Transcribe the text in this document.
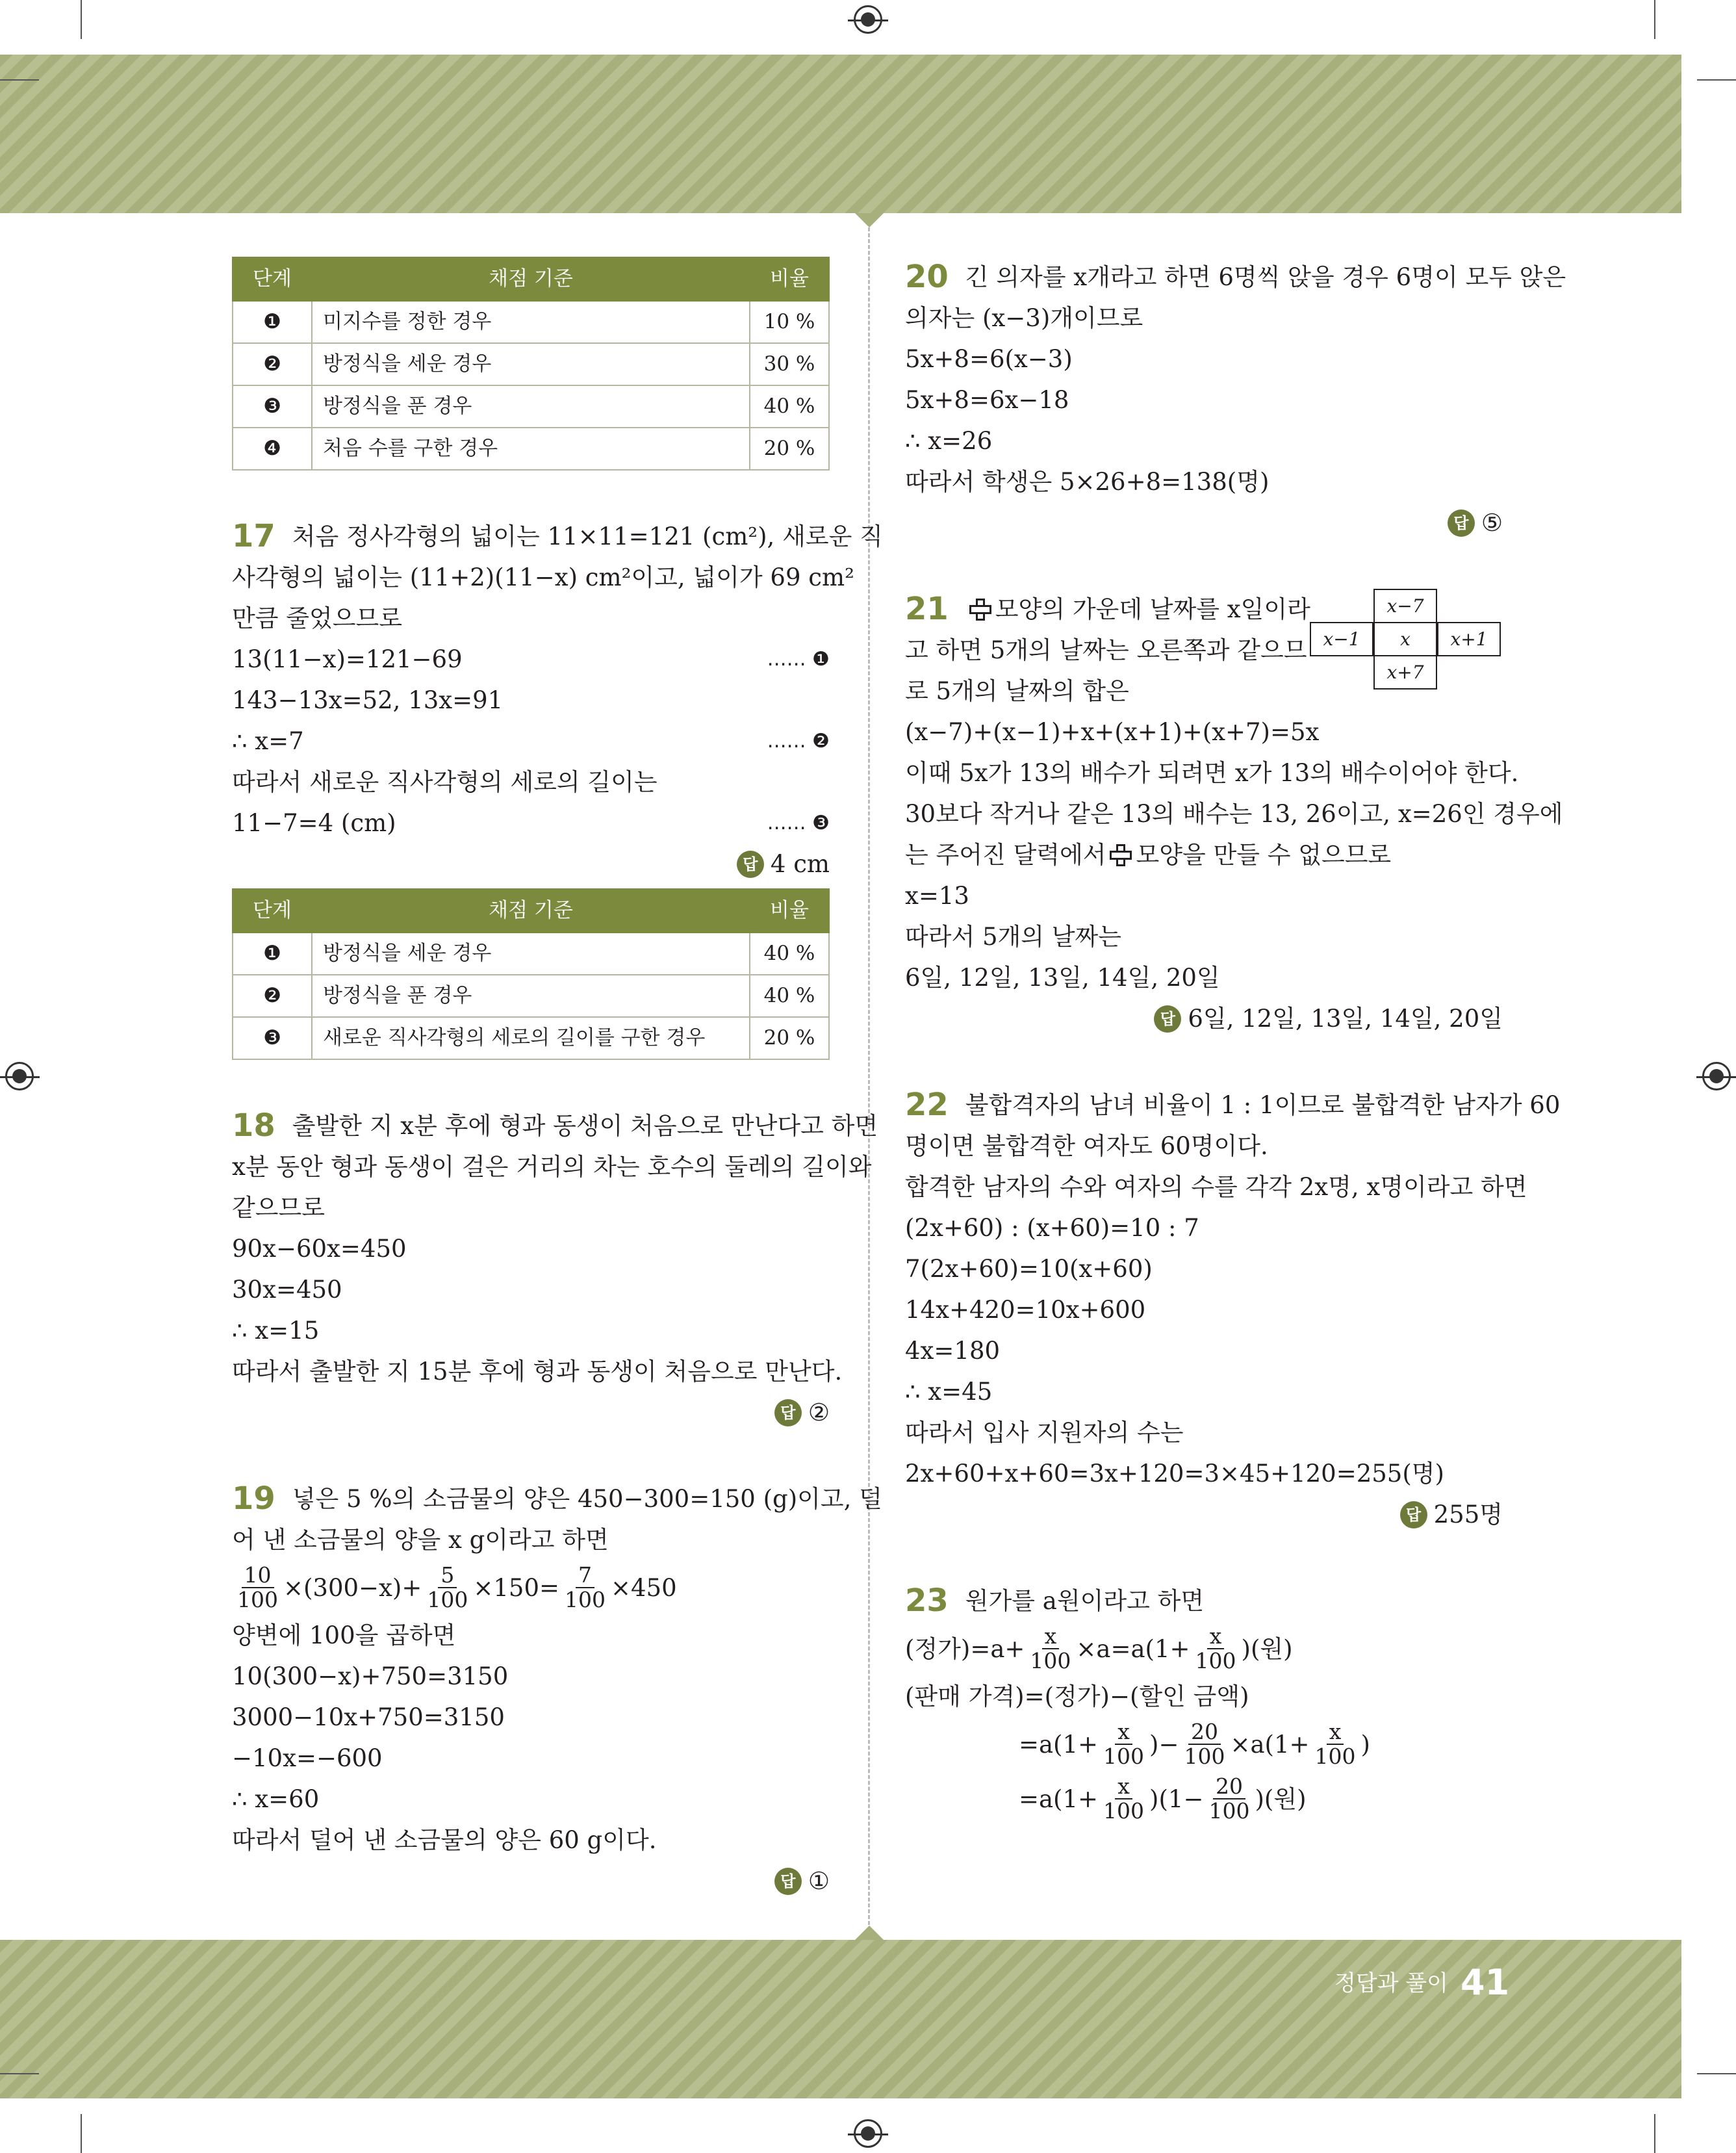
단계	채점 기준	비율
❶	미지수를 정한 경우	10 %
❷	방정식을 세운 경우	30 %
❸	방정식을 푼 경우	40 %
❹	처음 수를 구한 경우	20 %
17 처음 정사각형의 넓이는 11×11=121 (cm²), 새로운 직
사각형의 넓이는 (11+2)(11−x) cm²이고, 넓이가 69 cm²
만큼 줄었으므로
13(11−x)=121−69	…… ❶
143−13x=52, 13x=91
∴ x=7	…… ❷
따라서 새로운 직사각형의 세로의 길이는
11−7=4 (cm)	…… ❸
답 4 cm
단계	채점 기준	비율
❶	방정식을 세운 경우	40 %
❷	방정식을 푼 경우	40 %
❸	새로운 직사각형의 세로의 길이를 구한 경우	20 %
18 출발한 지 x분 후에 형과 동생이 처음으로 만난다고 하면
x분 동안 형과 동생이 걸은 거리의 차는 호수의 둘레의 길이와
같으므로
90x−60x=450
30x=450
∴ x=15
따라서 출발한 지 15분 후에 형과 동생이 처음으로 만난다.
답 ②
19 넣은 5 %의 소금물의 양은 450−300=150 (g)이고, 덜
어 낸 소금물의 양을 x g이라고 하면
$\frac{10}{100} \times(300-x)+ \frac{5}{100} \times 150= \frac{7}{100} \times 450$
양변에 100을 곱하면
10(300−x)+750=3150
3000−10x+750=3150
−10x=−600
∴ x=60
따라서 덜어 낸 소금물의 양은 60 g이다.
답 ①
20 긴 의자를 x개라고 하면 6명씩 앉을 경우 6명이 모두 앉은
의자는 (x−3)개이므로
5x+8=6(x−3)
5x+8=6x−18
∴ x=26
따라서 학생은 5×26+8=138(명)
답 ⑤
x−7
x−1	x	x+1
x+7
21 모양의 가운데 날짜를 x일이라
고 하면 5개의 날짜는 오른쪽과 같으므
로 5개의 날짜의 합은
(x−7)+(x−1)+x+(x+1)+(x+7)=5x
이때 5x가 13의 배수가 되려면 x가 13의 배수이어야 한다.
30보다 작거나 같은 13의 배수는 13, 26이고, x=26인 경우에
는 주어진 달력에서 모양을 만들 수 없으므로
x=13
따라서 5개의 날짜는
6일, 12일, 13일, 14일, 20일
답 6일, 12일, 13일, 14일, 20일
22 불합격자의 남녀 비율이 1 : 1이므로 불합격한 남자가 60
명이면 불합격한 여자도 60명이다.
합격한 남자의 수와 여자의 수를 각각 2x명, x명이라고 하면
(2x+60) : (x+60)=10 : 7
7(2x+60)=10(x+60)
14x+420=10x+600
4x=180
∴ x=45
따라서 입사 지원자의 수는
2x+60+x+60=3x+120=3×45+120=255(명)
답 255명
23 원가를 a원이라고 하면
(정가)$=a+ \frac{x}{100} \times a=a(1+ \frac{x}{100}$ )(원)
(판매 가격)=(정가)−(할인 금액)
$=a(1+ \frac{x}{100}$ )− $\frac{20}{100} \times a(1+ \frac{x}{100}$ )
$=a(1+ \frac{x}{100} )(1- \frac{20}{100}$ )(원)
정답과 풀이 41
